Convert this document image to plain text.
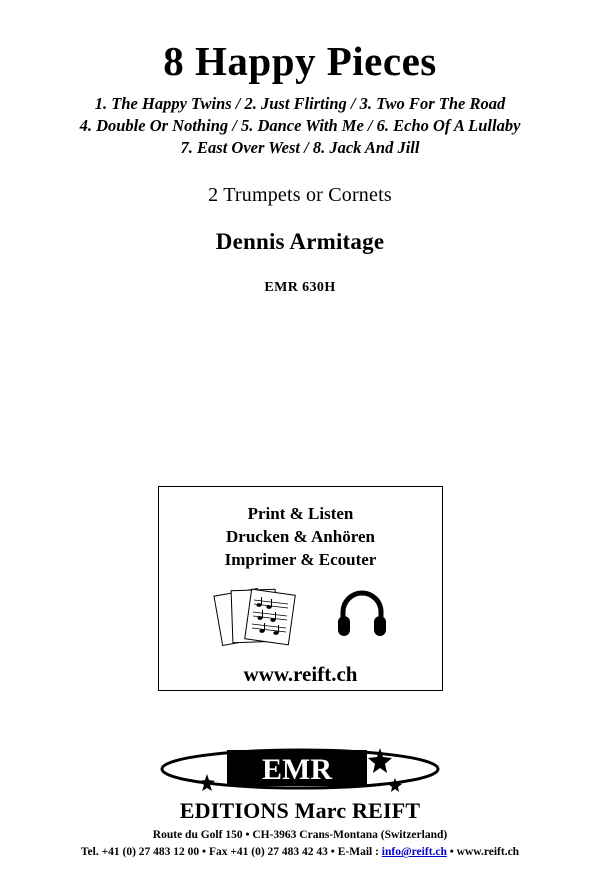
8 Happy Pieces
1. The Happy Twins / 2. Just Flirting / 3. Two For The Road
4. Double Or Nothing / 5. Dance With Me / 6. Echo Of A Lullaby
7. East Over West / 8. Jack And Jill
2 Trumpets or Cornets
Dennis Armitage
EMR 630H
Print & Listen
Drucken & Anhören
Imprimer & Ecouter
www.reift.ch
EMR
EDITIONS Marc REIFT
Route du Golf 150 • CH-3963 Crans-Montana (Switzerland)
Tel. +41 (0) 27 483 12 00 • Fax +41 (0) 27 483 42 43 • E-Mail : info@reift.ch • www.reift.ch
